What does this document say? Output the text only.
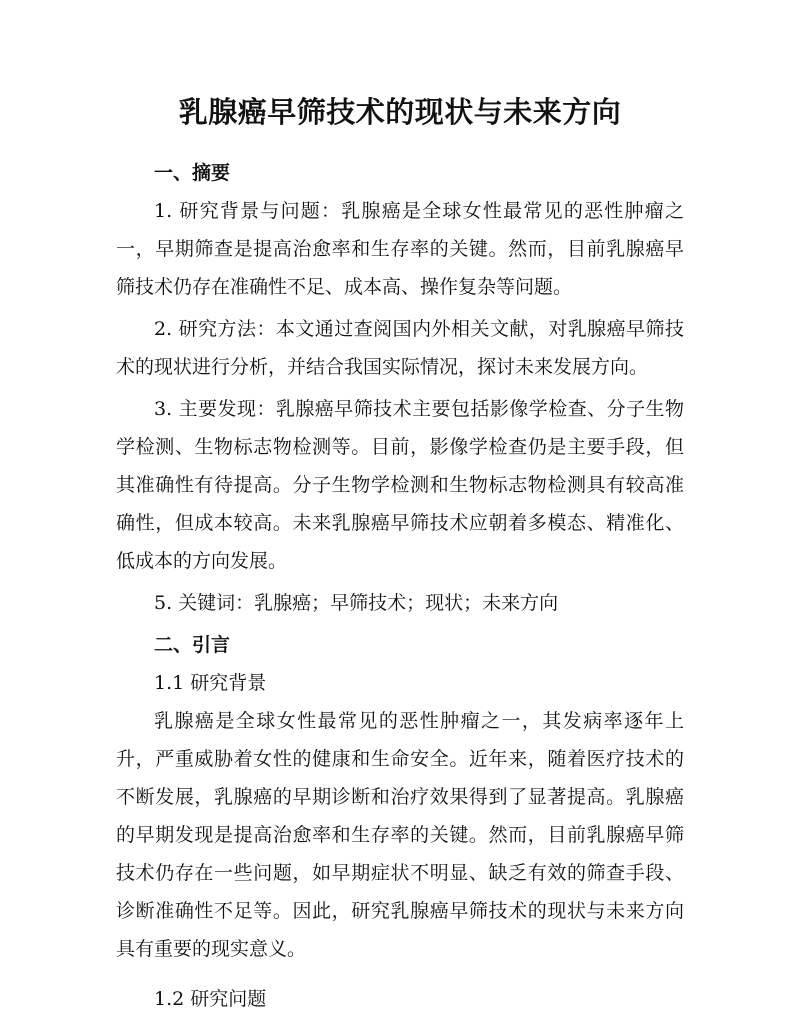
乳腺癌早筛技术的现状与未来方向
一、摘要

1. 研究背景与问题：乳腺癌是全球女性最常见的恶性肿瘤之一，早期筛查是提高治愈率和生存率的关键。然而，目前乳腺癌早筛技术仍存在准确性不足、成本高、操作复杂等问题。

2. 研究方法：本文通过查阅国内外相关文献，对乳腺癌早筛技术的现状进行分析，并结合我国实际情况，探讨未来发展方向。

3. 主要发现：乳腺癌早筛技术主要包括影像学检查、分子生物学检测、生物标志物检测等。目前，影像学检查仍是主要手段，但其准确性有待提高。分子生物学检测和生物标志物检测具有较高准确性，但成本较高。未来乳腺癌早筛技术应朝着多模态、精准化、低成本的方向发展。

5. 关键词：乳腺癌；早筛技术；现状；未来方向

二、引言

1.1 研究背景

乳腺癌是全球女性最常见的恶性肿瘤之一，其发病率逐年上升，严重威胁着女性的健康和生命安全。近年来，随着医疗技术的不断发展，乳腺癌的早期诊断和治疗效果得到了显著提高。乳腺癌的早期发现是提高治愈率和生存率的关键。然而，目前乳腺癌早筛技术仍存在一些问题，如早期症状不明显、缺乏有效的筛查手段、诊断准确性不足等。因此，研究乳腺癌早筛技术的现状与未来方向具有重要的现实意义。

1.2 研究问题
